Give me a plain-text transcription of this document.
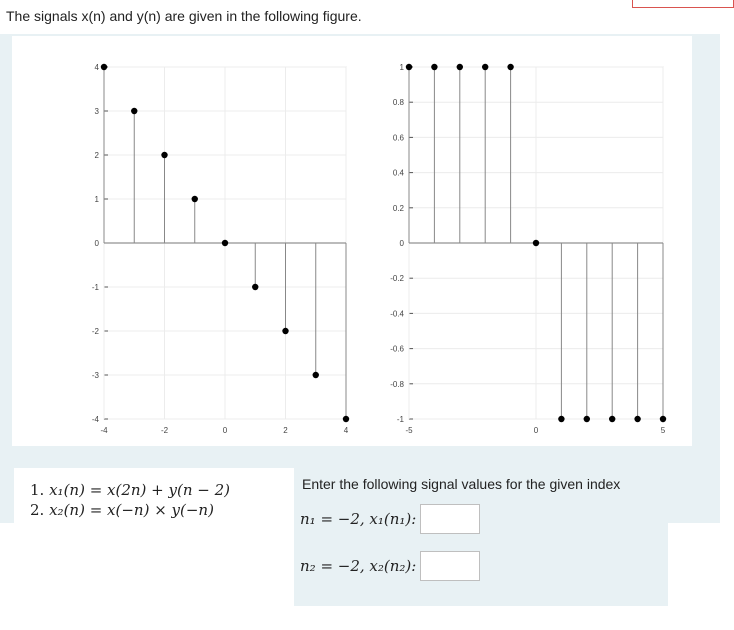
The signals x(n) and y(n) are given in the following figure.
4
3
2
1
0
-1
-2
-3
-4
-4	-2	0	2	4
1
0.8
0.6
0.4
0.2
0
-0.2
-0.4
-0.6
-0.8
-1
-5	0	5
1. x₁(n) = x(2n) + y(n − 2)
2. x₂(n) = x(−n) × y(−n)
Enter the following signal values for the given index
n₁ = −2, x₁(n₁):
n₂ = −2, x₂(n₂):
